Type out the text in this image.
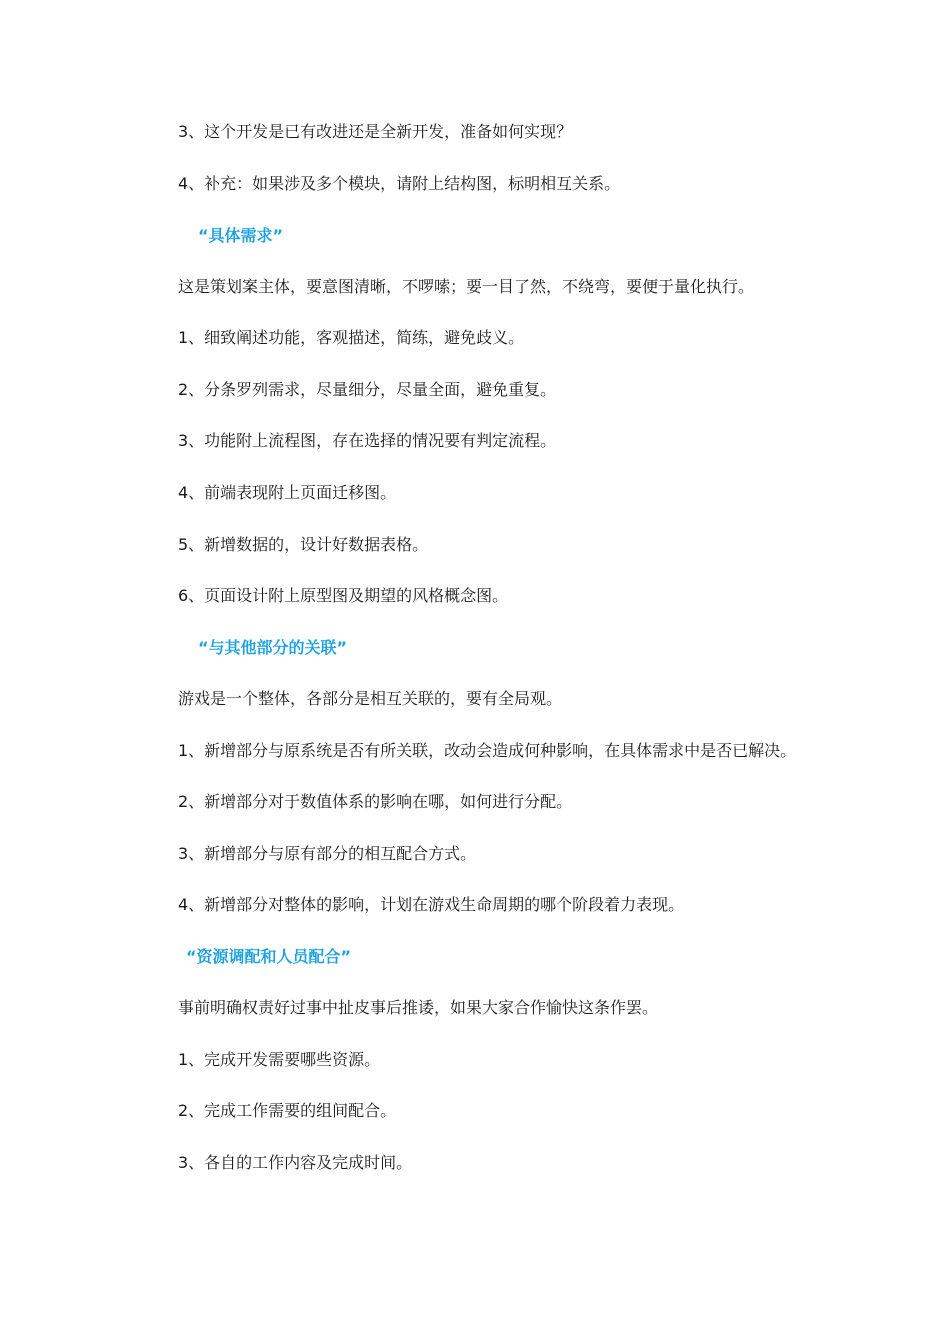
3、这个开发是已有改进还是全新开发，准备如何实现？
4、补充：如果涉及多个模块，请附上结构图，标明相互关系。
“具体需求”
这是策划案主体，要意图清晰，不啰嗦；要一目了然，不绕弯，要便于量化执行。
1、细致阐述功能，客观描述，简练，避免歧义。
2、分条罗列需求，尽量细分，尽量全面，避免重复。
3、功能附上流程图，存在选择的情况要有判定流程。
4、前端表现附上页面迁移图。
5、新增数据的，设计好数据表格。
6、页面设计附上原型图及期望的风格概念图。
“与其他部分的关联”
游戏是一个整体，各部分是相互关联的，要有全局观。
1、新增部分与原系统是否有所关联，改动会造成何种影响，在具体需求中是否已解决。
2、新增部分对于数值体系的影响在哪，如何进行分配。
3、新增部分与原有部分的相互配合方式。
4、新增部分对整体的影响，计划在游戏生命周期的哪个阶段着力表现。
“资源调配和人员配合”
事前明确权责好过事中扯皮事后推诿，如果大家合作愉快这条作罢。
1、完成开发需要哪些资源。
2、完成工作需要的组间配合。
3、各自的工作内容及完成时间。
